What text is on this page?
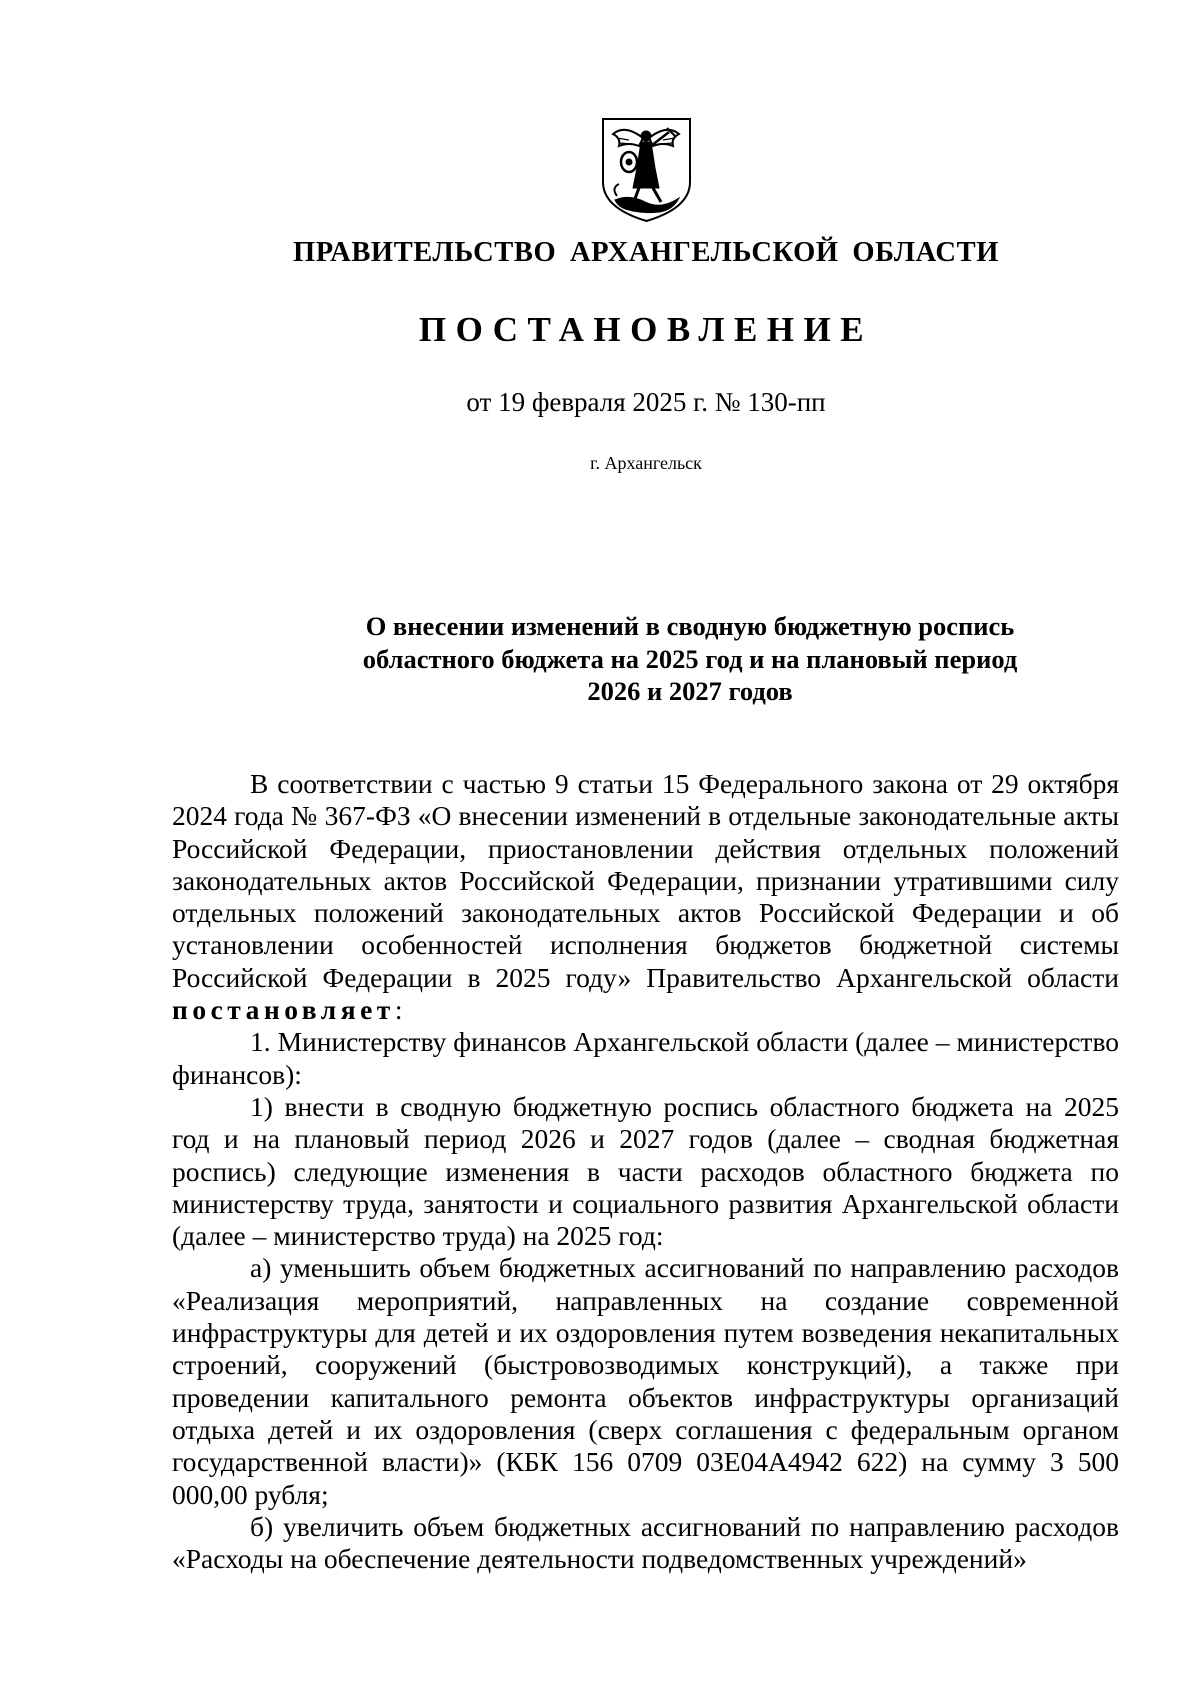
ПРАВИТЕЛЬСТВО АРХАНГЕЛЬСКОЙ ОБЛАСТИ
ПОСТАНОВЛЕНИЕ
от 19 февраля 2025 г. № 130-пп
г. Архангельск
О внесении изменений в сводную бюджетную роспись
областного бюджета на 2025 год и на плановый период
2026 и 2027 годов

В соответствии с частью 9 статьи 15 Федерального закона от 29 октября 2024 года № 367-ФЗ «О внесении изменений в отдельные законодательные акты Российской Федерации, приостановлении действия отдельных положений законодательных актов Российской Федерации, признании утратившими силу отдельных положений законодательных актов Российской Федерации и об установлении особенностей исполнения бюджетов бюджетной системы Российской Федерации в 2025 году» Правительство Архангельской области постановляет:

1. Министерству финансов Архангельской области (далее – министерство финансов):

1) внести в сводную бюджетную роспись областного бюджета на 2025 год и на плановый период 2026 и 2027 годов (далее – сводная бюджетная роспись) следующие изменения в части расходов областного бюджета по министерству труда, занятости и социального развития Архангельской области (далее – министерство труда) на 2025 год:

а) уменьшить объем бюджетных ассигнований по направлению расходов «Реализация мероприятий, направленных на создание современной инфраструктуры для детей и их оздоровления путем возведения некапитальных строений, сооружений (быстровозводимых конструкций), а также при проведении капитального ремонта объектов инфраструктуры организаций отдыха детей и их оздоровления (сверх соглашения с федеральным органом государственной власти)» (КБК 156 0709 03Е04А4942 622) на сумму 3 500 000,00 рубля;

б) увеличить объем бюджетных ассигнований по направлению расходов «Расходы на обеспечение деятельности подведомственных учреждений»
